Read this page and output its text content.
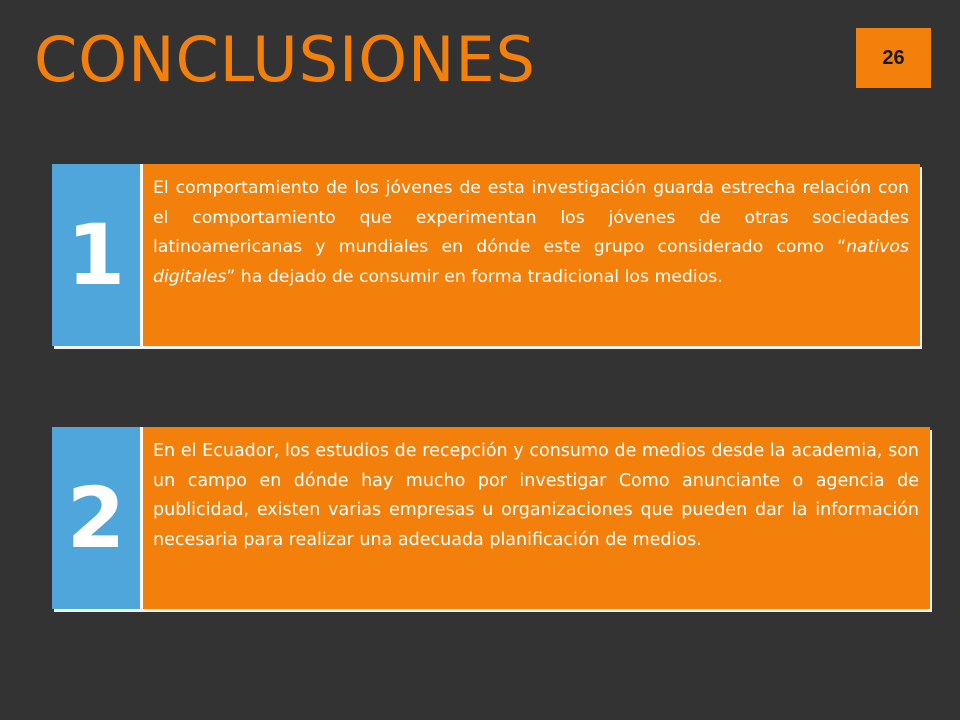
CONCLUSIONES	26
1

El comportamiento de los jóvenes de esta investigación guarda estrecha relación con el comportamiento que experimentan los jóvenes de otras sociedades latinoamericanas y mundiales en dónde este grupo considerado como “nativos digitales” ha dejado de consumir en forma tradicional los medios.

2

En el Ecuador, los estudios de recepción y consumo de medios desde la academia, son un campo en dónde hay mucho por investigar Como anunciante o agencia de publicidad, existen varias empresas u organizaciones que pueden dar la información necesaria para realizar una adecuada planificación de medios.
